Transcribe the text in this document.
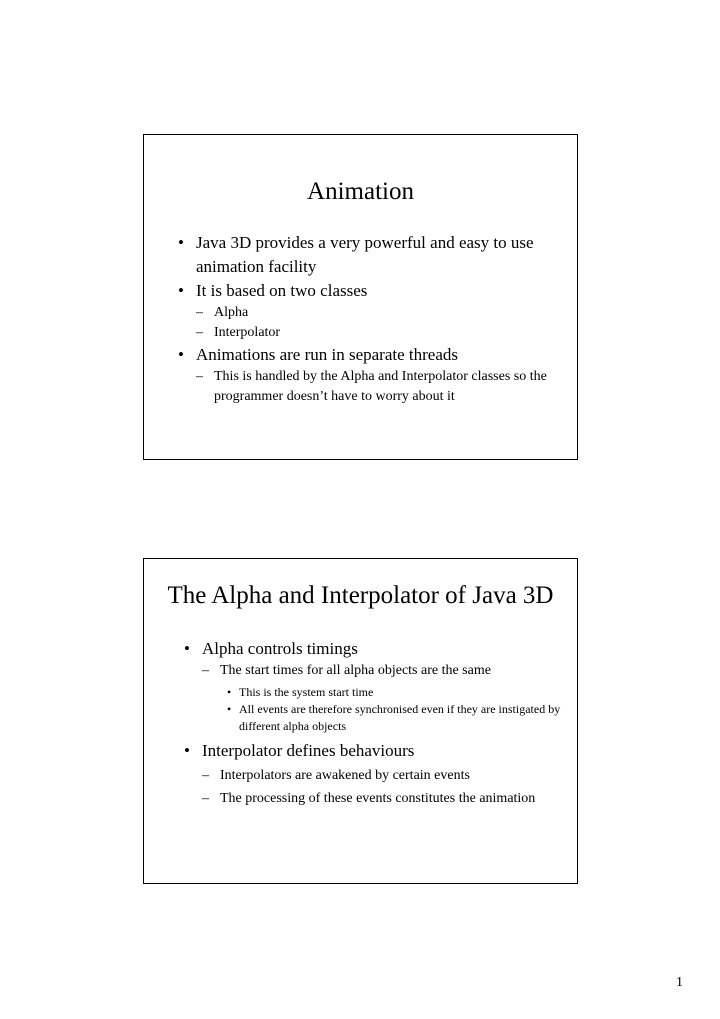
Animation
• Java 3D provides a very powerful and easy to use animation facility
• It is based on two classes
– Alpha
– Interpolator
• Animations are run in separate threads
– This is handled by the Alpha and Interpolator classes so the programmer doesn’t have to worry about it
The Alpha and Interpolator of Java 3D
• Alpha controls timings
– The start times for all alpha objects are the same
• This is the system start time
• All events are therefore synchronised even if they are instigated by different alpha objects
• Interpolator defines behaviours
– Interpolators are awakened by certain events
– The processing of these events constitutes the animation
1
